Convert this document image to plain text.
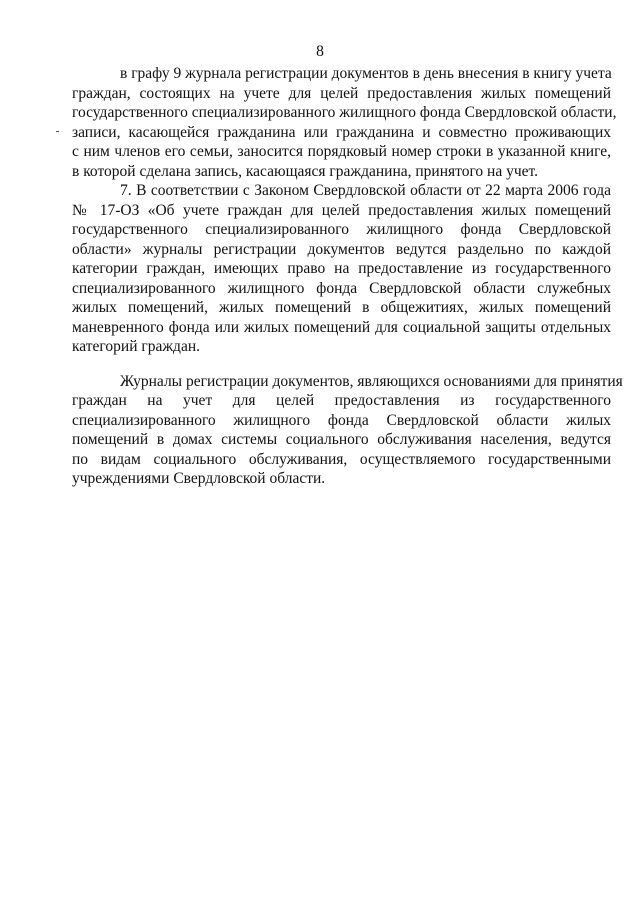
8

в графу 9 журнала регистрации документов в день внесения в книгу учета
граждан, состоящих на учете для целей предоставления жилых помещений
государственного специализированного жилищного фонда Свердловской области,
записи, касающейся гражданина или гражданина и совместно проживающих
с ним членов его семьи, заносится порядковый номер строки в указанной книге,
в которой сделана запись, касающаяся гражданина, принятого на учет.

7. В соответствии с Законом Свердловской области от 22 марта 2006 года
№ 17-ОЗ «Об учете граждан для целей предоставления жилых помещений
государственного специализированного жилищного фонда Свердловской
области» журналы регистрации документов ведутся раздельно по каждой
категории граждан, имеющих право на предоставление из государственного
специализированного жилищного фонда Свердловской области служебных
жилых помещений, жилых помещений в общежитиях, жилых помещений
маневренного фонда или жилых помещений для социальной защиты отдельных
категорий граждан.

Журналы регистрации документов, являющихся основаниями для принятия
граждан на учет для целей предоставления из государственного
специализированного жилищного фонда Свердловской области жилых
помещений в домах системы социального обслуживания населения, ведутся
по видам социального обслуживания, осуществляемого государственными
учреждениями Свердловской области.
